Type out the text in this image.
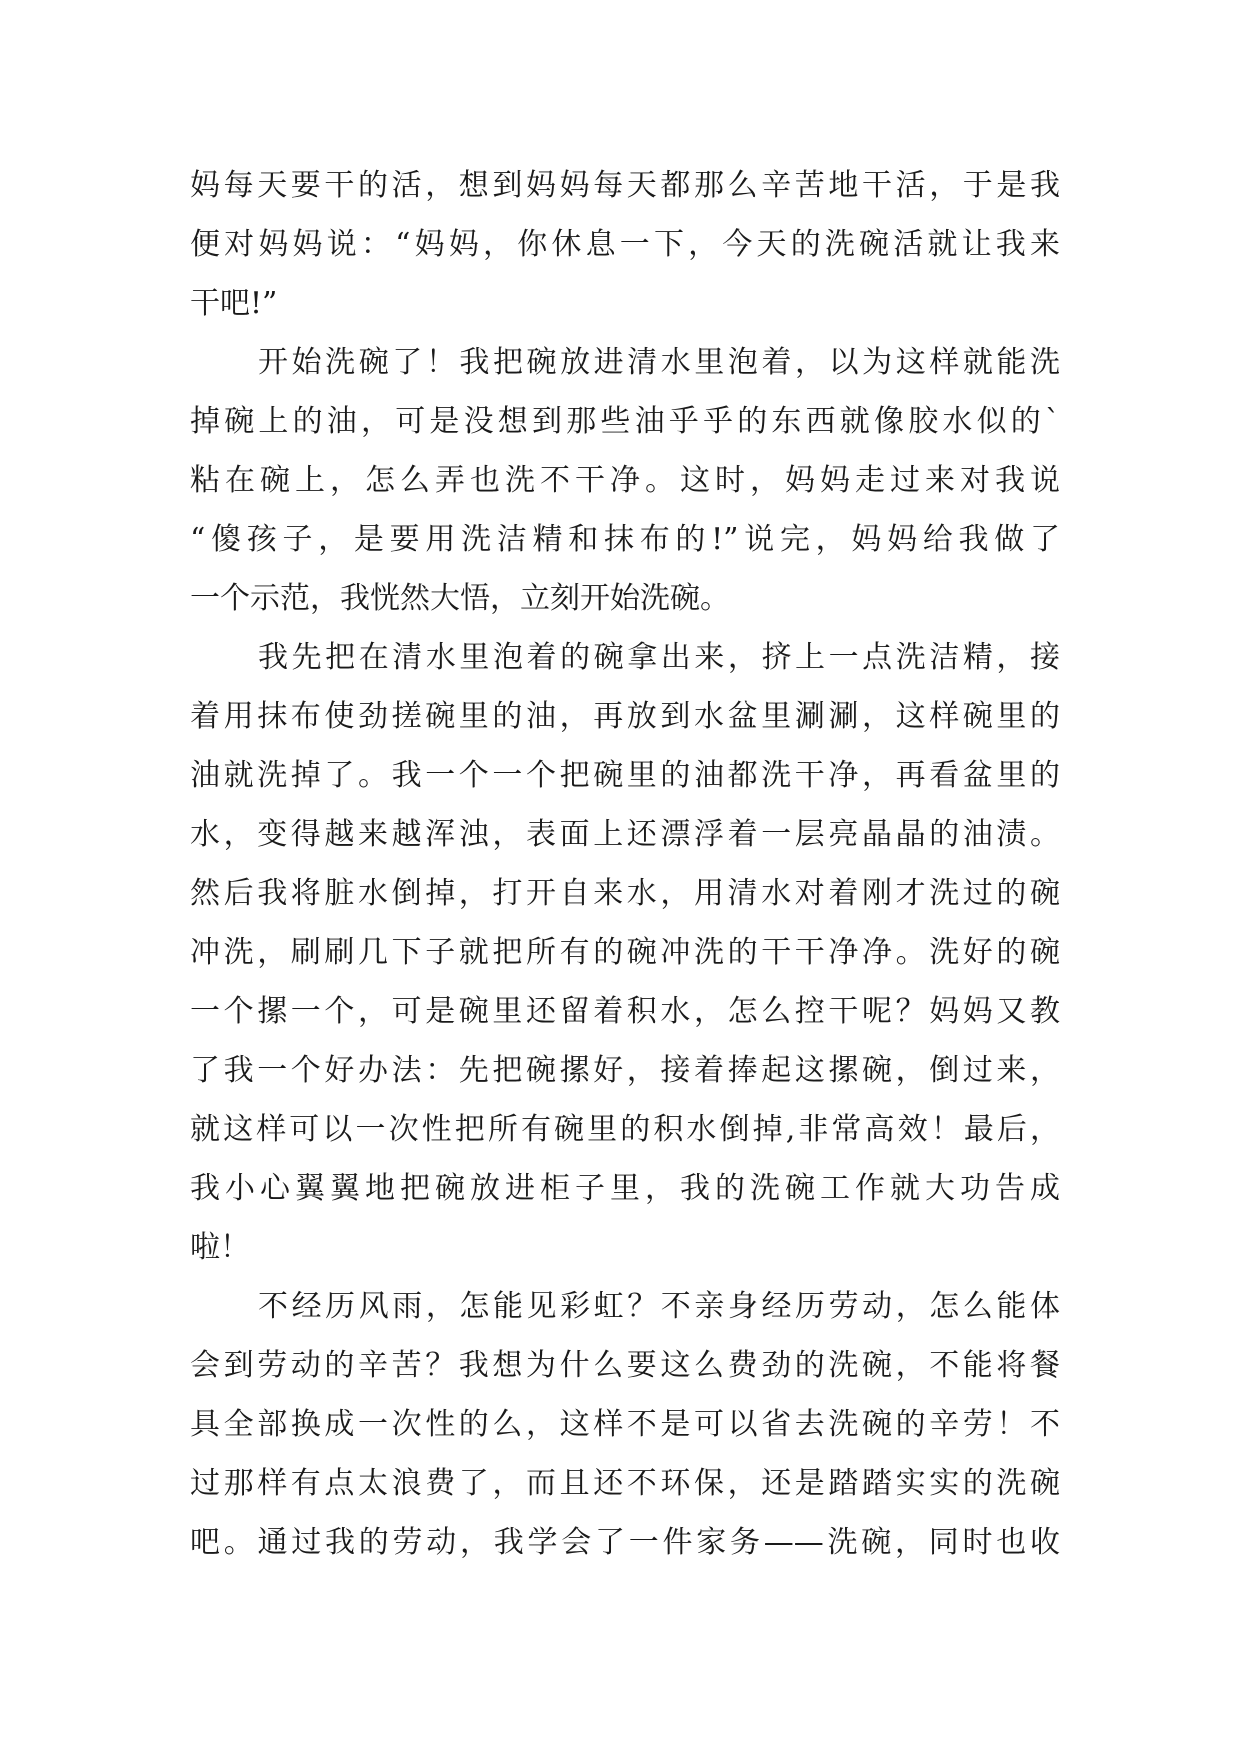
妈每天要干的活，想到妈妈每天都那么辛苦地干活，于是我
便对妈妈说：“妈妈，你休息一下，今天的洗碗活就让我来
干吧!”
开始洗碗了！我把碗放进清水里泡着，以为这样就能洗
掉碗上的油，可是没想到那些油乎乎的东西就像胶水似的`
粘在碗上，怎么弄也洗不干净。这时，妈妈走过来对我说
“傻孩子，是要用洗洁精和抹布的!”说完，妈妈给我做了
一个示范，我恍然大悟，立刻开始洗碗。
我先把在清水里泡着的碗拿出来，挤上一点洗洁精，接
着用抹布使劲搓碗里的油，再放到水盆里涮涮，这样碗里的
油就洗掉了。我一个一个把碗里的油都洗干净，再看盆里的
水，变得越来越浑浊，表面上还漂浮着一层亮晶晶的油渍。
然后我将脏水倒掉，打开自来水，用清水对着刚才洗过的碗
冲洗，刷刷几下子就把所有的碗冲洗的干干净净。洗好的碗
一个摞一个，可是碗里还留着积水，怎么控干呢？妈妈又教
了我一个好办法：先把碗摞好，接着捧起这摞碗，倒过来，
就这样可以一次性把所有碗里的积水倒掉,非常高效！最后，
我小心翼翼地把碗放进柜子里，我的洗碗工作就大功告成
啦！
不经历风雨，怎能见彩虹？不亲身经历劳动，怎么能体
会到劳动的辛苦？我想为什么要这么费劲的洗碗，不能将餐
具全部换成一次性的么，这样不是可以省去洗碗的辛劳！不
过那样有点太浪费了，而且还不环保，还是踏踏实实的洗碗
吧。通过我的劳动，我学会了一件家务——洗碗，同时也收
